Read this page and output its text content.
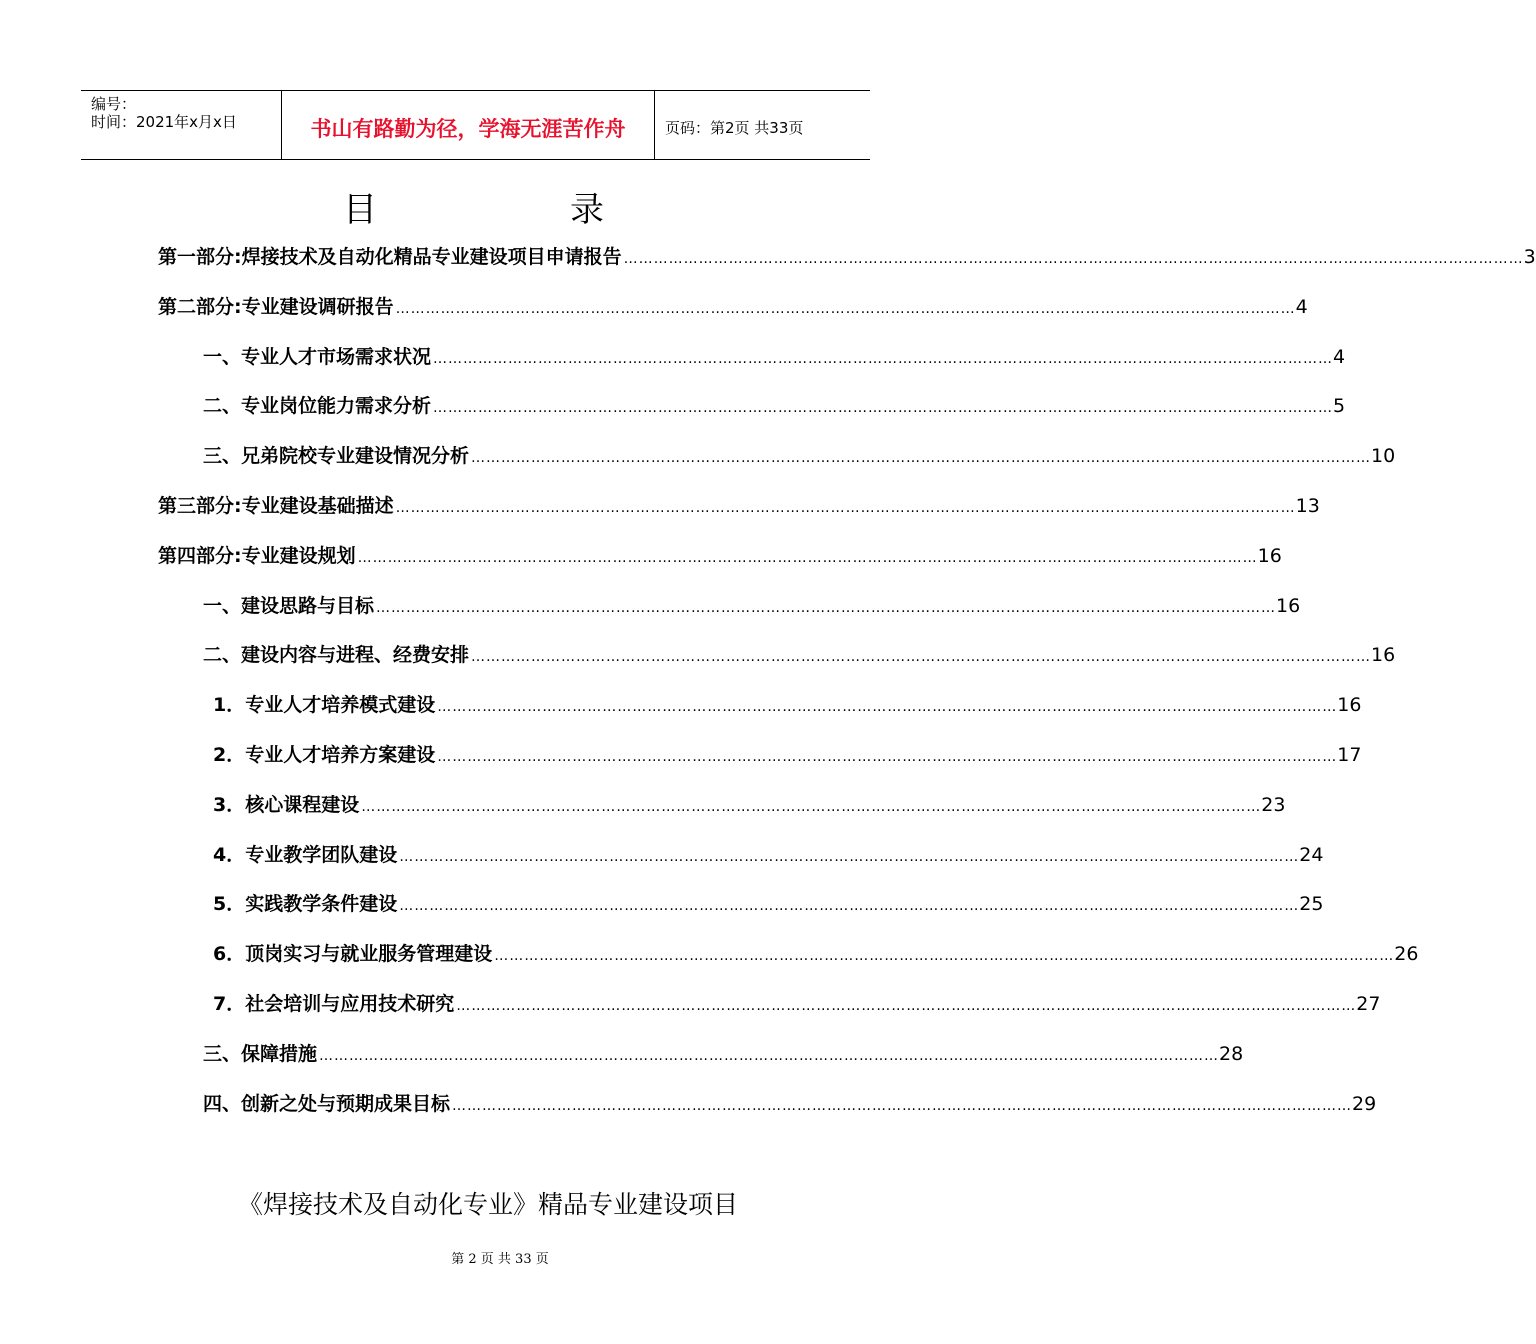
编号：
时间：2021年x月x日	书山有路勤为径，学海无涯苦作舟	页码：第2页 共33页
目	录
第一部分:焊接技术及自动化精品专业建设项目申请报告 ……………………………………………………………………………………………………………………………………………………………… 3
第二部分:专业建设调研报告 ……………………………………………………………………………………………………………………………………………………………… 4
一、专业人才市场需求状况 ……………………………………………………………………………………………………………………………………………………………… 4
二、专业岗位能力需求分析 ……………………………………………………………………………………………………………………………………………………………… 5
三、兄弟院校专业建设情况分析 ……………………………………………………………………………………………………………………………………………………………… 10
第三部分:专业建设基础描述 ……………………………………………………………………………………………………………………………………………………………… 13
第四部分:专业建设规划 ……………………………………………………………………………………………………………………………………………………………… 16
一、建设思路与目标 ……………………………………………………………………………………………………………………………………………………………… 16
二、建设内容与进程、经费安排 ……………………………………………………………………………………………………………………………………………………………… 16
1．专业人才培养模式建设 ……………………………………………………………………………………………………………………………………………………………… 16
2．专业人才培养方案建设 ……………………………………………………………………………………………………………………………………………………………… 17
3．核心课程建设 ……………………………………………………………………………………………………………………………………………………………… 23
4．专业教学团队建设 ……………………………………………………………………………………………………………………………………………………………… 24
5．实践教学条件建设 ……………………………………………………………………………………………………………………………………………………………… 25
6．顶岗实习与就业服务管理建设 ……………………………………………………………………………………………………………………………………………………………… 26
7．社会培训与应用技术研究 ……………………………………………………………………………………………………………………………………………………………… 27
三、保障措施 ……………………………………………………………………………………………………………………………………………………………… 28
四、创新之处与预期成果目标 ……………………………………………………………………………………………………………………………………………………………… 29
《焊接技术及自动化专业》精品专业建设项目
第 2 页 共 33 页
